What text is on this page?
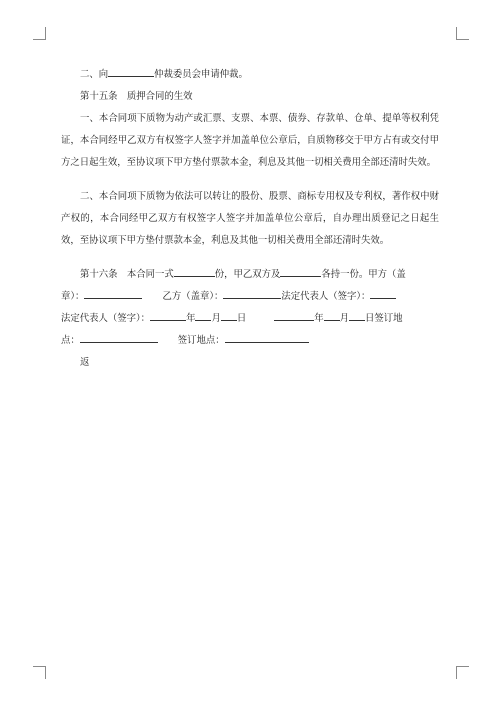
二、向	仲裁委员会申请仲裁。

第十五条　质押合同的生效

一、本合同项下质物为动产或汇票、支票、本票、债券、存款单、仓单、提单等权利凭证，本合同经甲乙双方有权签字人签字并加盖单位公章后，自质物移交于甲方占有或交付甲方之日起生效，至协议项下甲方垫付票款本金，利息及其他一切相关费用全部还清时失效。

二、本合同项下质物为依法可以转让的股份、股票、商标专用权及专利权，著作权中财产权的，本合同经甲乙双方有权签字人签字并加盖单位公章后，自办理出质登记之日起生效，至协议项下甲方垫付票款本金，利息及其他一切相关费用全部还清时失效。

第十六条　本合同一式	份，甲乙双方及	各持一份。甲方（盖

章）：	乙方（盖章）：	法定代表人（签字）：

法定代表人（签字）：	年 月 日	年 月 日签订地

点：	签订地点：

返
